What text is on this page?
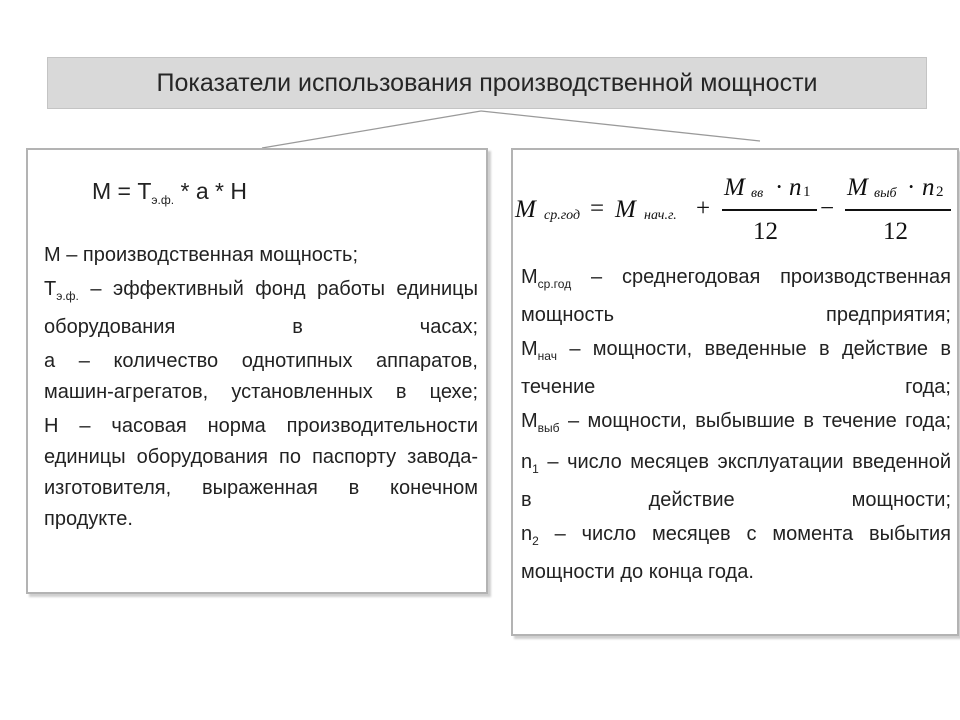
Показатели использования производственной мощности
$М = Т_{э.ф.} * а * Н$

М – производственная мощность;

$Т_{э.ф.}$ – эффективный фонд работы единицы оборудования в часах;

а – количество однотипных аппаратов, машин-агрегатов, установленных в цехе;

Н – часовая норма производительности единицы оборудования по паспорту завода-изготовителя, выраженная в конечном продукте.

M ср.год = M нач.г. +
M вв · n 1
12
−
M выб · n 2
12

$М_{ср.год}$ – среднегодовая производственная мощность предприятия;

$М_{нач}$ – мощности, введенные в действие в течение года;

$М_{выб}$ – мощности, выбывшие в течение года;

$n_1$ – число месяцев эксплуатации введенной в действие мощности;

$n_2$ – число месяцев с момента выбытия мощности до конца года.
